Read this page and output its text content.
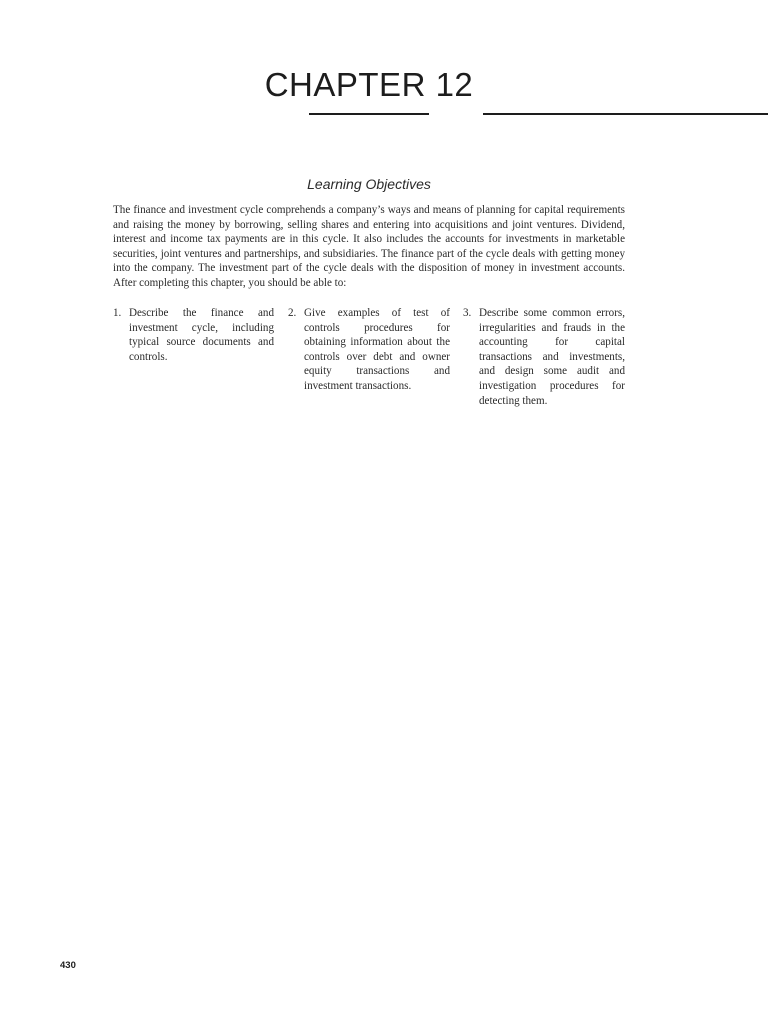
CHAPTER 12
Learning Objectives

The finance and investment cycle comprehends a company’s ways and means of planning for capital requirements and raising the money by borrowing, selling shares and entering into acquisitions and joint ventures. Dividend, interest and income tax payments are in this cycle. It also includes the accounts for investments in marketable securities, joint ventures and partnerships, and subsidiaries. The finance part of the cycle deals with getting money into the company. The investment part of the cycle deals with the disposition of money in investment accounts. After completing this chapter, you should be able to:

1. Describe the finance and investment cycle, including typical source documents and controls.
2. Give examples of test of controls procedures for obtaining information about the controls over debt and owner equity transactions and investment transactions.
3. Describe some common errors, irregularities and frauds in the accounting for capital transactions and investments, and design some audit and investigation procedures for detecting them.
430
